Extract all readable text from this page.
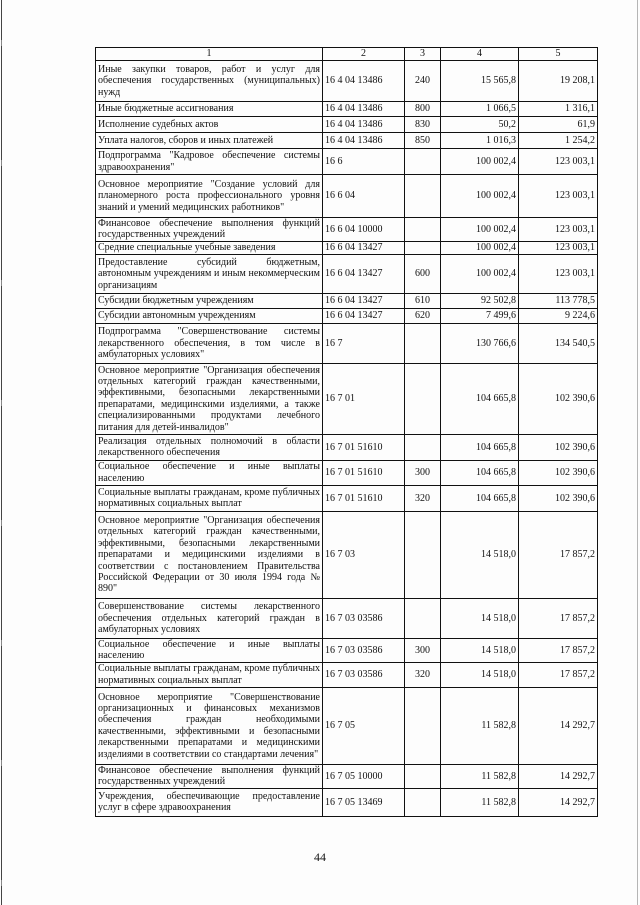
1	2	3	4	5
Иные закупки товаров, работ и услуг для обеспечения государственных (муниципальных) нужд	16 4 04 13486	240	15 565,8	19 208,1
Иные бюджетные ассигнования	16 4 04 13486	800	1 066,5	1 316,1
Исполнение судебных актов	16 4 04 13486	830	50,2	61,9
Уплата налогов, сборов и иных платежей	16 4 04 13486	850	1 016,3	1 254,2
Подпрограмма "Кадровое обеспечение системы здравоохранения"	16 6		100 002,4	123 003,1
Основное мероприятие "Создание условий для планомерного роста профессионального уровня знаний и умений медицинских работников"	16 6 04		100 002,4	123 003,1
Финансовое обеспечение выполнения функций государственных учреждений	16 6 04 10000		100 002,4	123 003,1
Средние специальные учебные заведения	16 6 04 13427		100 002,4	123 003,1
Предоставление субсидий бюджетным, автономным учреждениям и иным некоммерческим организациям	16 6 04 13427	600	100 002,4	123 003,1
Субсидии бюджетным учреждениям	16 6 04 13427	610	92 502,8	113 778,5
Субсидии автономным учреждениям	16 6 04 13427	620	7 499,6	9 224,6
Подпрограмма "Совершенствование системы лекарственного обеспечения, в том числе в амбулаторных условиях"	16 7		130 766,6	134 540,5
Основное мероприятие "Организация обеспечения отдельных категорий граждан качественными, эффективными, безопасными лекарственными препаратами, медицинскими изделиями, а также специализированными продуктами лечебного питания для детей-инвалидов"	16 7 01		104 665,8	102 390,6
Реализация отдельных полномочий в области лекарственного обеспечения	16 7 01 51610		104 665,8	102 390,6
Социальное обеспечение и иные выплаты населению	16 7 01 51610	300	104 665,8	102 390,6
Социальные выплаты гражданам, кроме публичных нормативных социальных выплат	16 7 01 51610	320	104 665,8	102 390,6
Основное мероприятие "Организация обеспечения отдельных категорий граждан качественными, эффективными, безопасными лекарственными препаратами и медицинскими изделиями в соответствии с постановлением Правительства Российской Федерации от 30 июля 1994 года № 890"	16 7 03		14 518,0	17 857,2
Совершенствование системы лекарственного обеспечения отдельных категорий граждан в амбулаторных условиях	16 7 03 03586		14 518,0	17 857,2
Социальное обеспечение и иные выплаты населению	16 7 03 03586	300	14 518,0	17 857,2
Социальные выплаты гражданам, кроме публичных нормативных социальных выплат	16 7 03 03586	320	14 518,0	17 857,2
Основное мероприятие "Совершенствование организационных и финансовых механизмов обеспечения граждан необходимыми качественными, эффективными и безопасными лекарственными препаратами и медицинскими изделиями в соответствии со стандартами лечения"	16 7 05		11 582,8	14 292,7
Финансовое обеспечение выполнения функций государственных учреждений	16 7 05 10000		11 582,8	14 292,7
Учреждения, обеспечивающие предоставление услуг в сфере здравоохранения	16 7 05 13469		11 582,8	14 292,7
44
